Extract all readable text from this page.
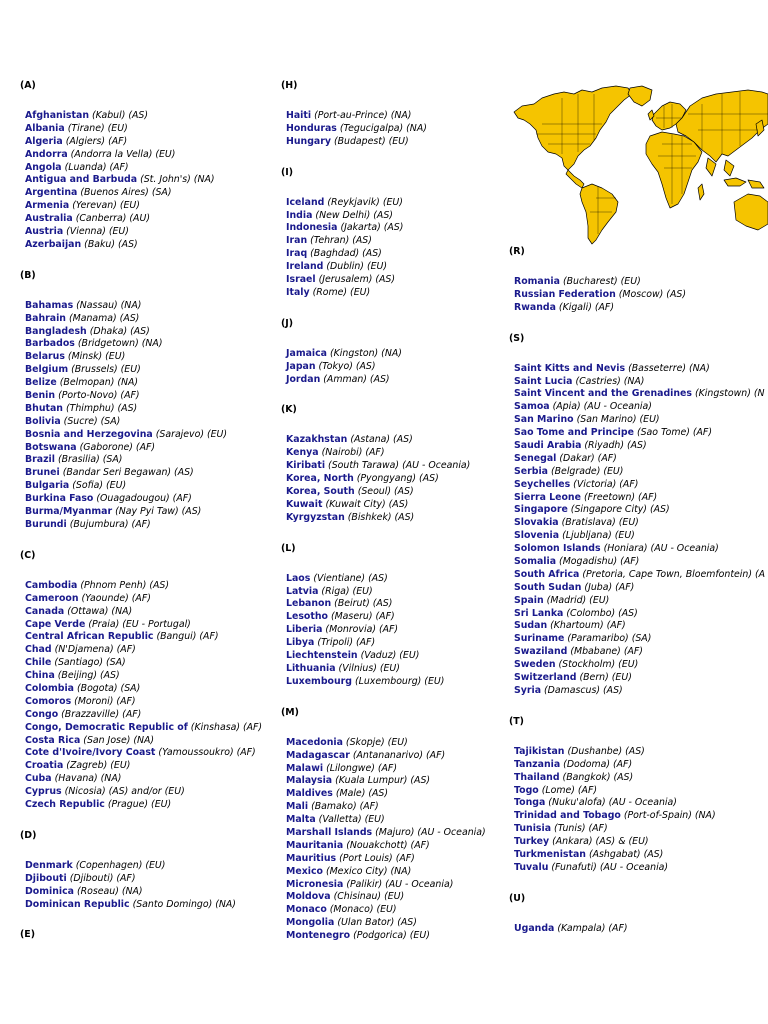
(A)
Afghanistan (Kabul) (AS)
Albania (Tirane) (EU)
Algeria (Algiers) (AF)
Andorra (Andorra la Vella) (EU)
Angola (Luanda) (AF)
Antigua and Barbuda (St. John's) (NA)
Argentina (Buenos Aires) (SA)
Armenia (Yerevan) (EU)
Australia (Canberra) (AU)
Austria (Vienna) (EU)
Azerbaijan (Baku) (AS)
(B)
Bahamas (Nassau) (NA)
Bahrain (Manama) (AS)
Bangladesh (Dhaka) (AS)
Barbados (Bridgetown) (NA)
Belarus (Minsk) (EU)
Belgium (Brussels) (EU)
Belize (Belmopan) (NA)
Benin (Porto-Novo) (AF)
Bhutan (Thimphu) (AS)
Bolivia (Sucre) (SA)
Bosnia and Herzegovina (Sarajevo) (EU)
Botswana (Gaborone) (AF)
Brazil (Brasilia) (SA)
Brunei (Bandar Seri Begawan) (AS)
Bulgaria (Sofia) (EU)
Burkina Faso (Ouagadougou) (AF)
Burma/Myanmar (Nay Pyi Taw) (AS)
Burundi (Bujumbura) (AF)
(C)
Cambodia (Phnom Penh) (AS)
Cameroon (Yaounde) (AF)
Canada (Ottawa) (NA)
Cape Verde (Praia) (EU - Portugal)
Central African Republic (Bangui) (AF)
Chad (N'Djamena) (AF)
Chile (Santiago) (SA)
China (Beijing) (AS)
Colombia (Bogota) (SA)
Comoros (Moroni) (AF)
Congo (Brazzaville) (AF)
Congo, Democratic Republic of (Kinshasa) (AF)
Costa Rica (San Jose) (NA)
Cote d'Ivoire/Ivory Coast (Yamoussoukro) (AF)
Croatia (Zagreb) (EU)
Cuba (Havana) (NA)
Cyprus (Nicosia) (AS) and/or (EU)
Czech Republic (Prague) (EU)
(D)
Denmark (Copenhagen) (EU)
Djibouti (Djibouti) (AF)
Dominica (Roseau) (NA)
Dominican Republic (Santo Domingo) (NA)
(E)
(H)
Haiti (Port-au-Prince) (NA)
Honduras (Tegucigalpa) (NA)
Hungary (Budapest) (EU)
(I)
Iceland (Reykjavik) (EU)
India (New Delhi) (AS)
Indonesia (Jakarta) (AS)
Iran (Tehran) (AS)
Iraq (Baghdad) (AS)
Ireland (Dublin) (EU)
Israel (Jerusalem) (AS)
Italy (Rome) (EU)
(J)
Jamaica (Kingston) (NA)
Japan (Tokyo) (AS)
Jordan (Amman) (AS)
(K)
Kazakhstan (Astana) (AS)
Kenya (Nairobi) (AF)
Kiribati (South Tarawa) (AU - Oceania)
Korea, North (Pyongyang) (AS)
Korea, South (Seoul) (AS)
Kuwait (Kuwait City) (AS)
Kyrgyzstan (Bishkek) (AS)
(L)
Laos (Vientiane) (AS)
Latvia (Riga) (EU)
Lebanon (Beirut) (AS)
Lesotho (Maseru) (AF)
Liberia (Monrovia) (AF)
Libya (Tripoli) (AF)
Liechtenstein (Vaduz) (EU)
Lithuania (Vilnius) (EU)
Luxembourg (Luxembourg) (EU)
(M)
Macedonia (Skopje) (EU)
Madagascar (Antananarivo) (AF)
Malawi (Lilongwe) (AF)
Malaysia (Kuala Lumpur) (AS)
Maldives (Male) (AS)
Mali (Bamako) (AF)
Malta (Valletta) (EU)
Marshall Islands (Majuro) (AU - Oceania)
Mauritania (Nouakchott) (AF)
Mauritius (Port Louis) (AF)
Mexico (Mexico City) (NA)
Micronesia (Palikir) (AU - Oceania)
Moldova (Chisinau) (EU)
Monaco (Monaco) (EU)
Mongolia (Ulan Bator) (AS)
Montenegro (Podgorica) (EU)
(R)
Romania (Bucharest) (EU)
Russian Federation (Moscow) (AS)
Rwanda (Kigali) (AF)
(S)
Saint Kitts and Nevis (Basseterre) (NA)
Saint Lucia (Castries) (NA)
Saint Vincent and the Grenadines (Kingstown) (N
Samoa (Apia) (AU - Oceania)
San Marino (San Marino) (EU)
Sao Tome and Principe (Sao Tome) (AF)
Saudi Arabia (Riyadh) (AS)
Senegal (Dakar) (AF)
Serbia (Belgrade) (EU)
Seychelles (Victoria) (AF)
Sierra Leone (Freetown) (AF)
Singapore (Singapore City) (AS)
Slovakia (Bratislava) (EU)
Slovenia (Ljubljana) (EU)
Solomon Islands (Honiara) (AU - Oceania)
Somalia (Mogadishu) (AF)
South Africa (Pretoria, Cape Town, Bloemfontein) (A
South Sudan (Juba) (AF)
Spain (Madrid) (EU)
Sri Lanka (Colombo) (AS)
Sudan (Khartoum) (AF)
Suriname (Paramaribo) (SA)
Swaziland (Mbabane) (AF)
Sweden (Stockholm) (EU)
Switzerland (Bern) (EU)
Syria (Damascus) (AS)
(T)
Tajikistan (Dushanbe) (AS)
Tanzania (Dodoma) (AF)
Thailand (Bangkok) (AS)
Togo (Lome) (AF)
Tonga (Nuku'alofa) (AU - Oceania)
Trinidad and Tobago (Port-of-Spain) (NA)
Tunisia (Tunis) (AF)
Turkey (Ankara) (AS) & (EU)
Turkmenistan (Ashgabat) (AS)
Tuvalu (Funafuti) (AU - Oceania)
(U)
Uganda (Kampala) (AF)
